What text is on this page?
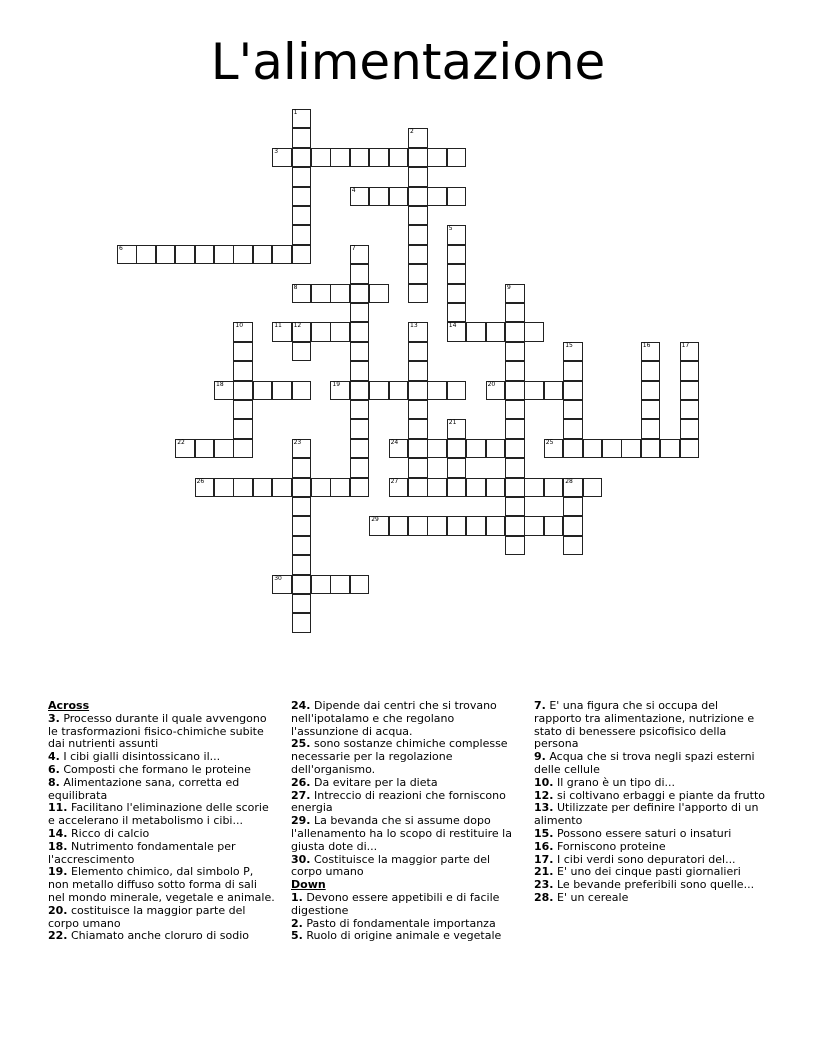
L'alimentazione
1
2
3
4
5
6	7
8	9
10	11 12	13	14
15	16	17
18	19	20
21
22	23	24	25
26	27	28
29
30

Across

3. Processo durante il quale avvengono le trasformazioni fisico-chimiche subite dai nutrienti assunti

4. I cibi gialli disintossicano il...

6. Composti che formano le proteine

8. Alimentazione sana, corretta ed equilibrata

11. Facilitano l'eliminazione delle scorie e accelerano il metabolismo i cibi...

14. Ricco di calcio

18. Nutrimento fondamentale per l'accrescimento

19. Elemento chimico, dal simbolo P, non metallo diffuso sotto forma di sali nel mondo minerale, vegetale e animale.

20. costituisce la maggior parte del corpo umano

22. Chiamato anche cloruro di sodio

24. Dipende dai centri che si trovano nell'ipotalamo e che regolano l'assunzione di acqua.

25. sono sostanze chimiche complesse necessarie per la regolazione dell'organismo.

26. Da evitare per la dieta

27. Intreccio di reazioni che forniscono energia

29. La bevanda che si assume dopo l'allenamento ha lo scopo di restituire la giusta dote di...

30. Costituisce la maggior parte del corpo umano

Down

1. Devono essere appetibili e di facile digestione

2. Pasto di fondamentale importanza

5. Ruolo di origine animale e vegetale

7. E' una figura che si occupa del rapporto tra alimentazione, nutrizione e stato di benessere psicofisico della persona

9. Acqua che si trova negli spazi esterni delle cellule

10. Il grano è un tipo di...

12. si coltivano erbaggi e piante da frutto

13. Utilizzate per definire l'apporto di un alimento

15. Possono essere saturi o insaturi

16. Forniscono proteine

17. I cibi verdi sono depuratori del...

21. E' uno dei cinque pasti giornalieri

23. Le bevande preferibili sono quelle...

28. E' un cereale
